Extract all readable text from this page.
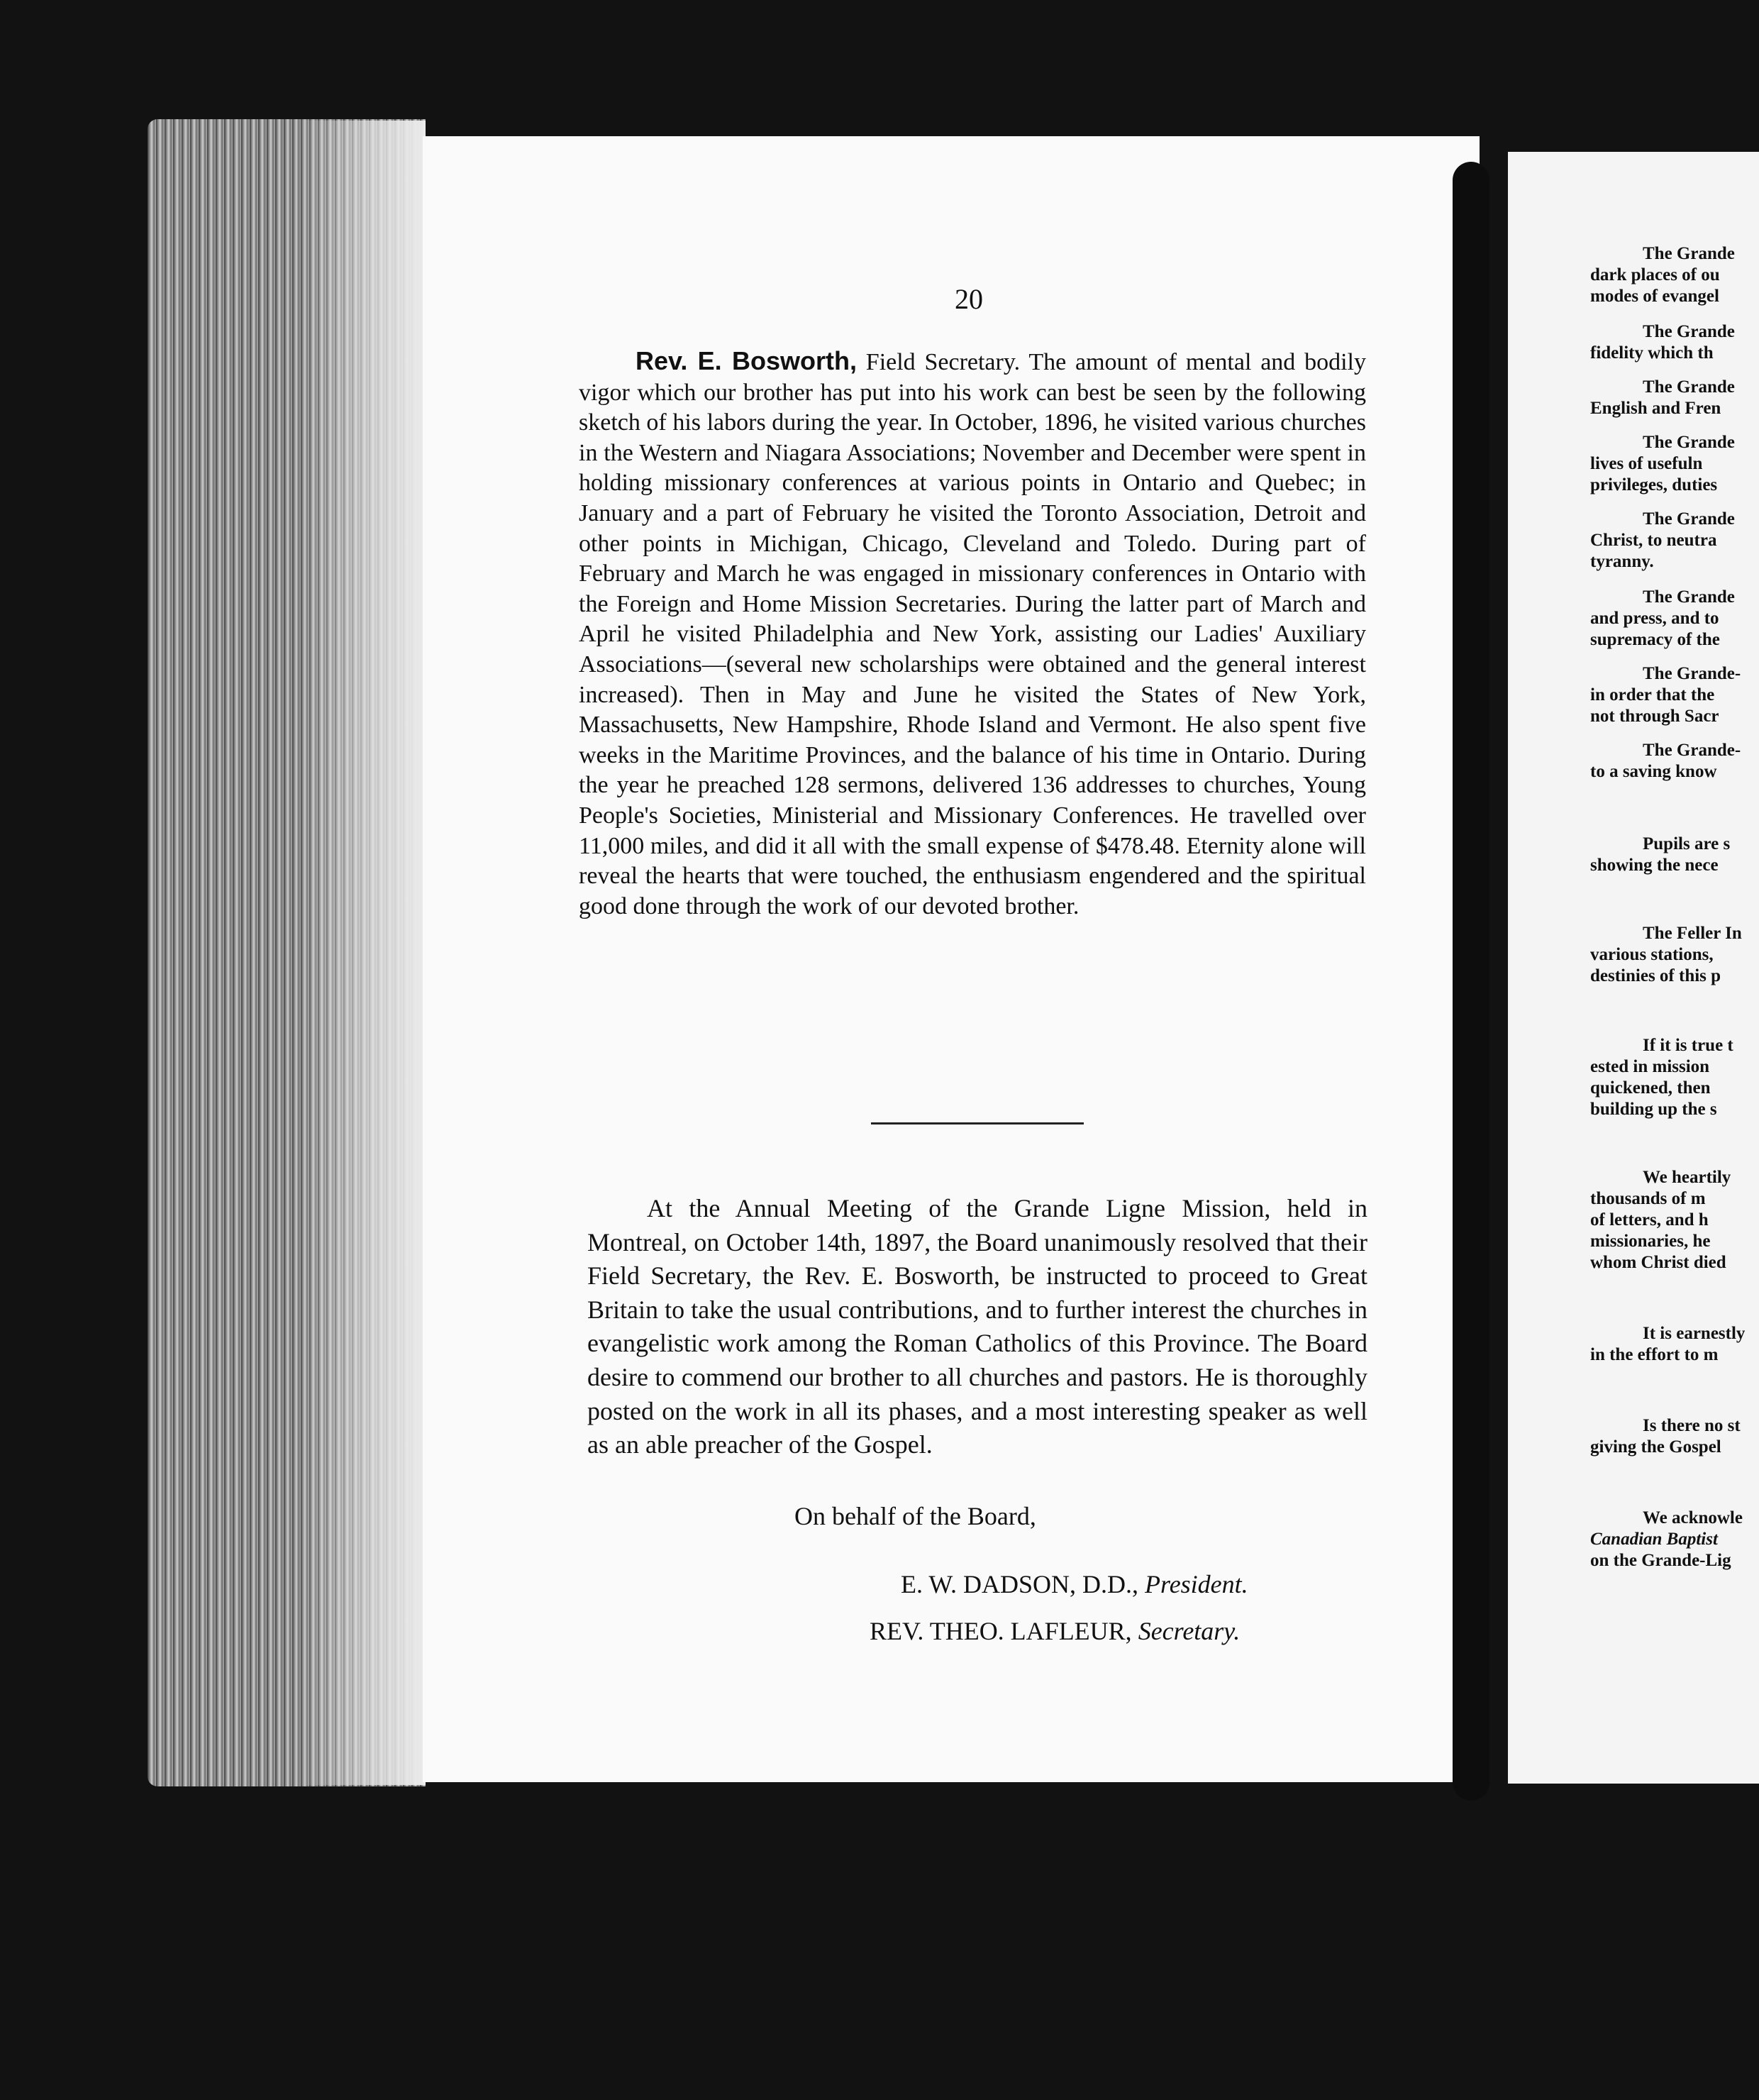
20
Rev. E. Bosworth, Field Secretary. The amount of mental and bodily vigor which our brother has put into his work can best be seen by the following sketch of his labors during the year. In October, 1896, he visited various churches in the Western and Niagara Associations; November and December were spent in holding missionary conferences at various points in Ontario and Quebec; in January and a part of February he visited the Toronto Association, Detroit and other points in Michigan, Chicago, Cleveland and Toledo. During part of February and March he was engaged in missionary conferences in Ontario with the Foreign and Home Mission Secretaries. During the latter part of March and April he visited Philadelphia and New York, assisting our Ladies' Auxiliary Associations—(several new scholarships were obtained and the general interest increased). Then in May and June he visited the States of New York, Massachusetts, New Hampshire, Rhode Island and Vermont. He also spent five weeks in the Maritime Provinces, and the balance of his time in Ontario. During the year he preached 128 sermons, delivered 136 addresses to churches, Young People's Societies, Ministerial and Missionary Conferences. He travelled over 11,000 miles, and did it all with the small expense of $478.48. Eternity alone will reveal the hearts that were touched, the enthusiasm engendered and the spiritual good done through the work of our devoted brother.
At the Annual Meeting of the Grande Ligne Mission, held in Montreal, on October 14th, 1897, the Board unanimously resolved that their Field Secretary, the Rev. E. Bosworth, be instructed to proceed to Great Britain to take the usual contributions, and to further interest the churches in evangelistic work among the Roman Catholics of this Province. The Board desire to commend our brother to all churches and pastors. He is thoroughly posted on the work in all its phases, and a most interesting speaker as well as an able preacher of the Gospel.
On behalf of the Board,
E. W. DADSON, D.D., President.
REV. THEO. LAFLEUR, Secretary.
The Grande
dark places of ou
modes of evangel
The Grande
fidelity which th
The Grande
English and Fren
The Grande
lives of usefuln
privileges, duties
The Grande
Christ, to neutra
tyranny.
The Grande
and press, and to
supremacy of the
The Grande-
in order that the
not through Sacr
The Grande-
to a saving know
Pupils are s
showing the nece
The Feller In
various stations,
destinies of this p
If it is true t
ested in mission
quickened, then
building up the s
We heartily
thousands of m
of letters, and h
missionaries, he
whom Christ died
It is earnestly
in the effort to m
Is there no st
giving the Gospel
We acknowle
Canadian Baptist
on the Grande-Lig
